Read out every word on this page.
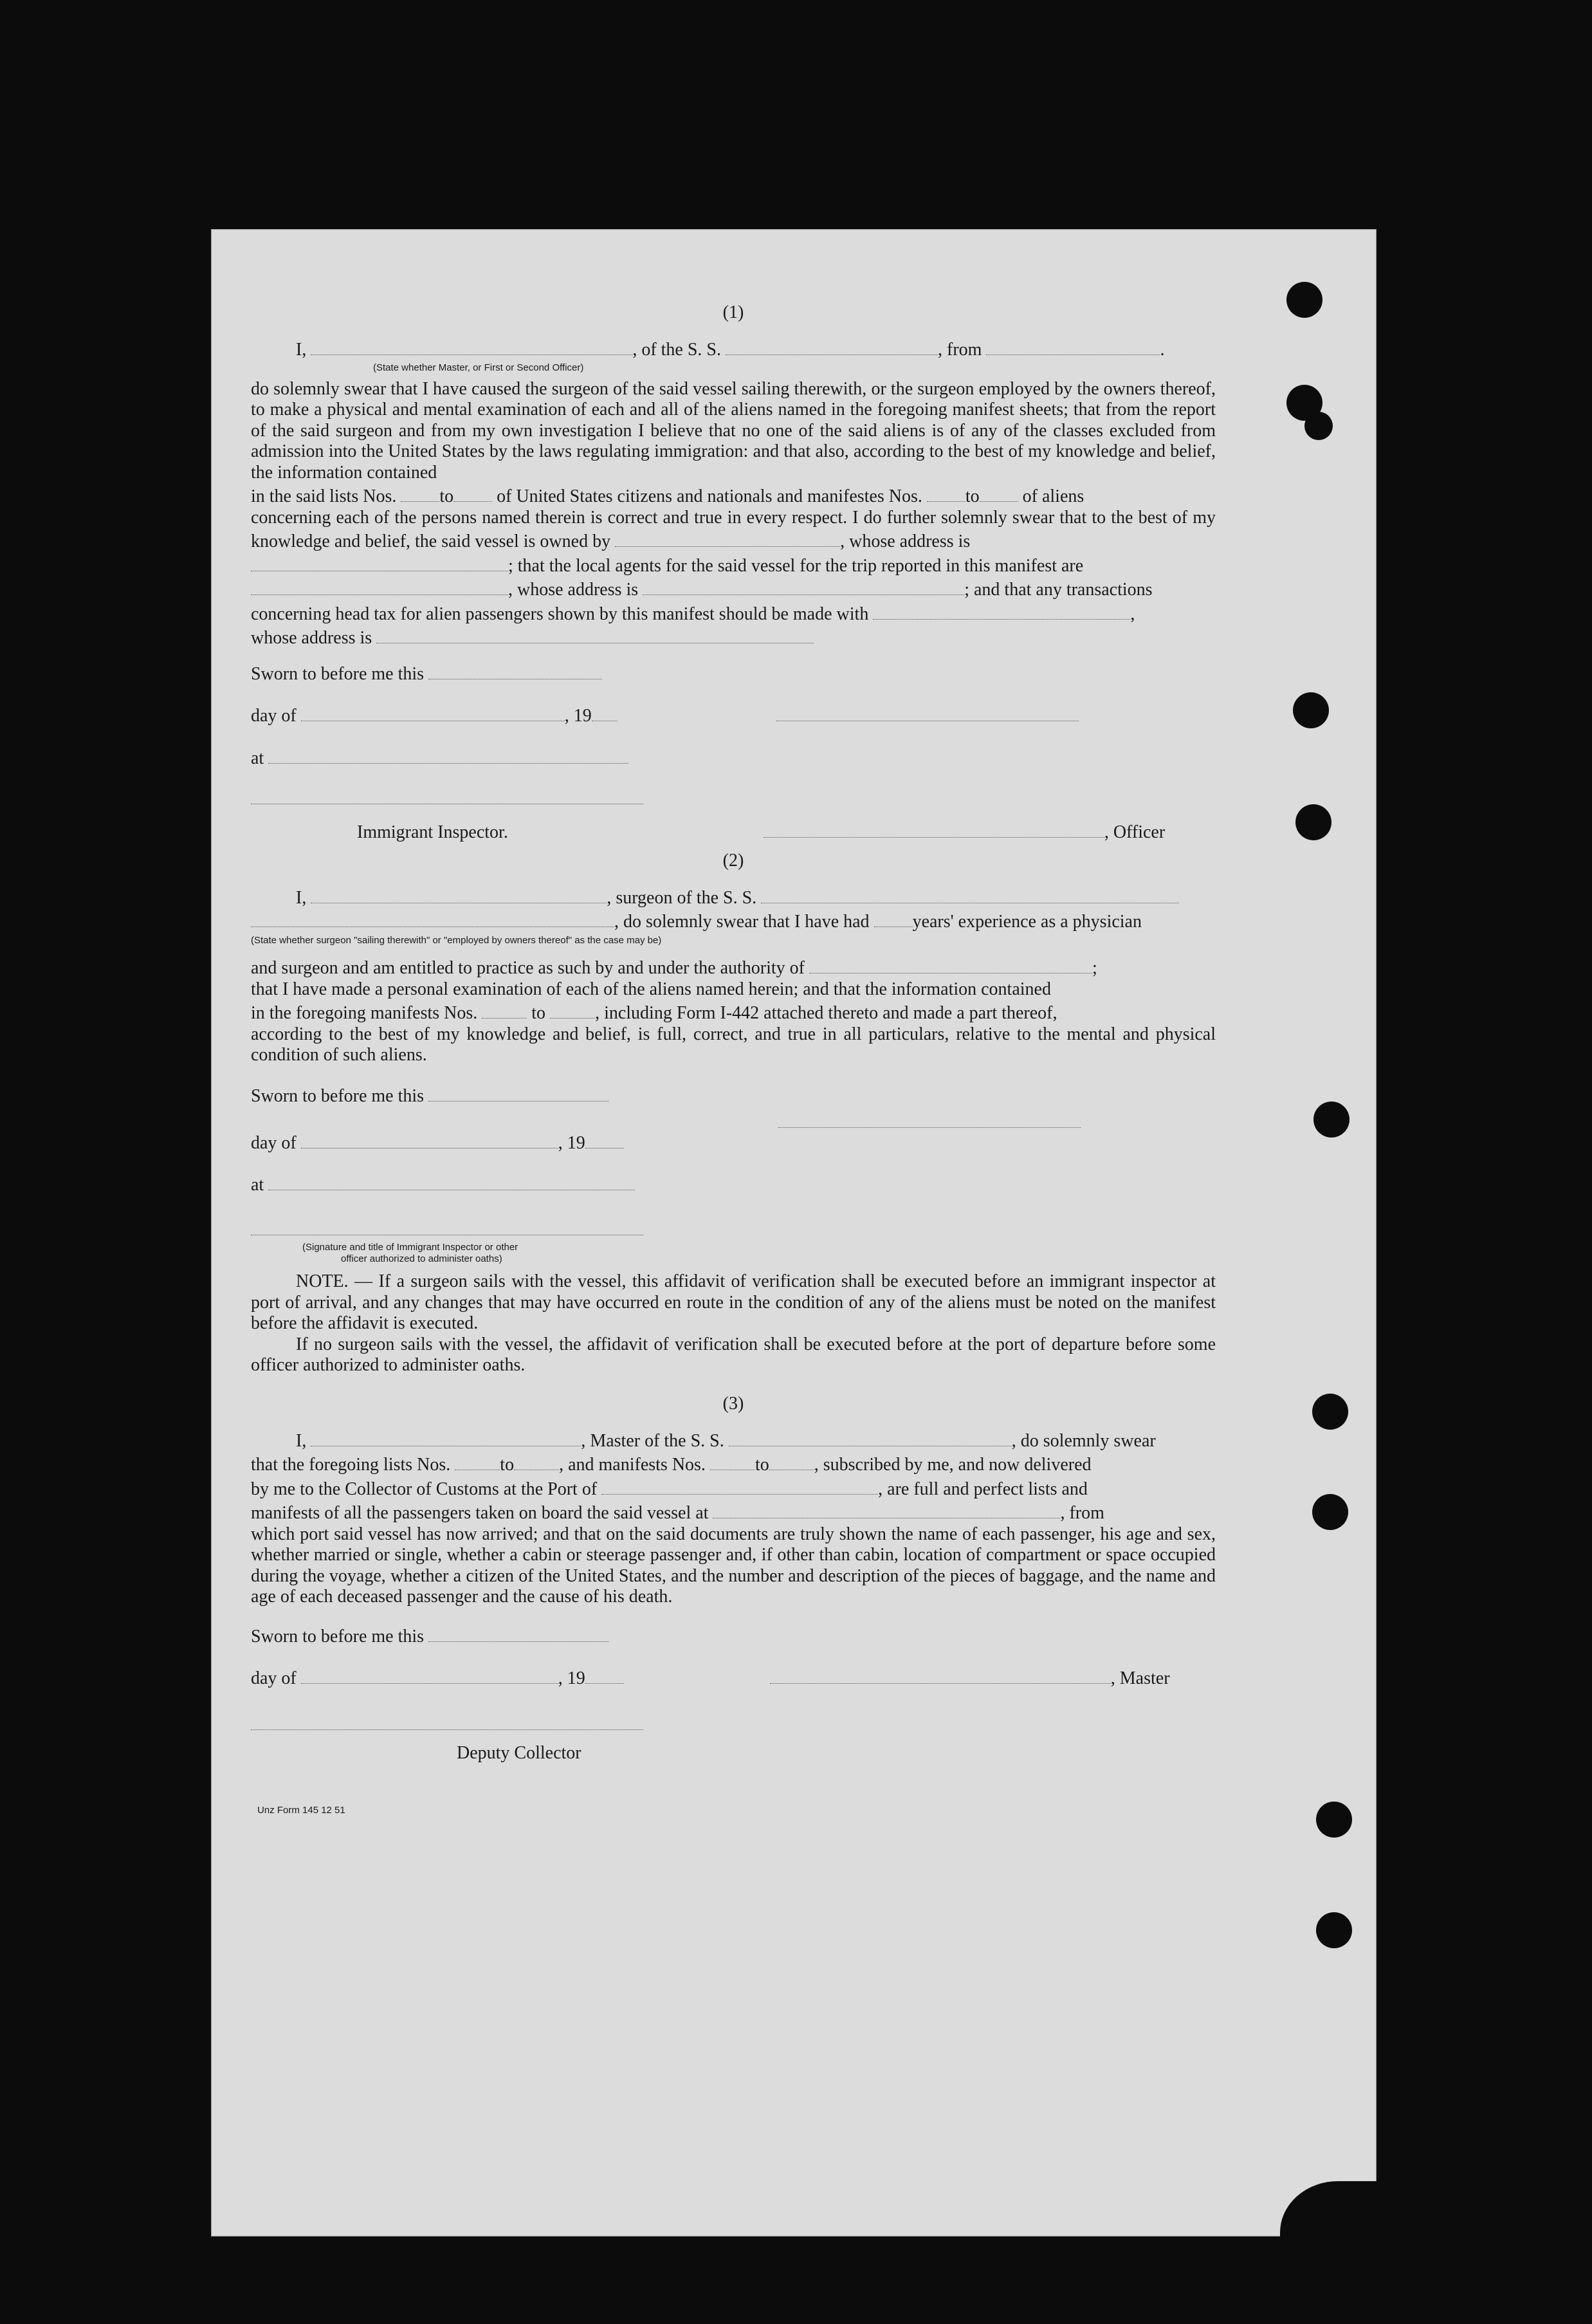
(1)
I,	, of the S. S.	, from	.
(State whether Master, or First or Second Officer)
do solemnly swear that I have caused the surgeon of the said vessel sailing therewith, or the surgeon employed by the owners thereof, to make a physical and mental examination of each and all of the aliens named in the foregoing manifest sheets; that from the report of the said surgeon and from my own investigation I believe that no one of the said aliens is of any of the classes excluded from admission into the United States by the laws regulating immigration: and that also, according to the best of my knowledge and belief, the information contained
in the said lists Nos. to of United States citizens and nationals and manifestes Nos. to of aliens
concerning each of the persons named therein is correct and true in every respect. I do further solemnly swear that to the best of my knowledge and belief, the said vessel is owned by	, whose address is
; that the local agents for the said vessel for the trip reported in this manifest are
, whose address is	; and that any transactions
concerning head tax for alien passengers shown by this manifest should be made with	,
whose address is
Sworn to before me this
day of	, 19
at
Immigrant Inspector.	, Officer
(2)
I,	, surgeon of the S. S.
, do solemnly swear that I have had years' experience as a physician
(State whether surgeon "sailing therewith" or "employed by owners thereof" as the case may be)
and surgeon and am entitled to practice as such by and under the authority of	;
that I have made a personal examination of each of the aliens named herein; and that the information contained
in the foregoing manifests Nos.	to	, including Form I-442 attached thereto and made a part thereof,
according to the best of my knowledge and belief, is full, correct, and true in all particulars, relative to the mental and physical condition of such aliens.
Sworn to before me this
day of	, 19
at
(Signature and title of Immigrant Inspector or other
officer authorized to administer oaths)
NOTE. — If a surgeon sails with the vessel, this affidavit of verification shall be executed before an immigrant inspector at port of arrival, and any changes that may have occurred en route in the condition of any of the aliens must be noted on the manifest before the affidavit is executed.
If no surgeon sails with the vessel, the affidavit of verification shall be executed before at the port of departure before some officer authorized to administer oaths.
(3)
I,	, Master of the S. S.	, do solemnly swear
that the foregoing lists Nos.	to	, and manifests Nos.	to	, subscribed by me, and now delivered
by me to the Collector of Customs at the Port of	, are full and perfect lists and
manifests of all the passengers taken on board the said vessel at	, from
which port said vessel has now arrived; and that on the said documents are truly shown the name of each passenger, his age and sex, whether married or single, whether a cabin or steerage passenger and, if other than cabin, location of compartment or space occupied during the voyage, whether a citizen of the United States, and the number and description of the pieces of baggage, and the name and age of each deceased passenger and the cause of his death.
Sworn to before me this
day of	, 19	, Master
Deputy Collector
Unz Form 145 12 51
